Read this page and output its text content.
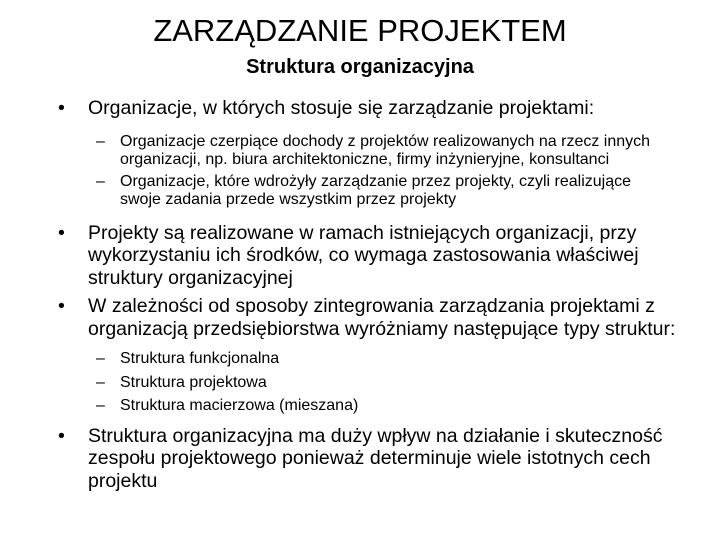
ZARZĄDZANIE PROJEKTEM
Struktura organizacyjna
• Organizacje, w których stosuje się zarządzanie projektami:
– Organizacje czerpiące dochody z projektów realizowanych na rzecz innych organizacji, np. biura architektoniczne, firmy inżynieryjne, konsultanci
– Organizacje, które wdrożyły zarządzanie przez projekty, czyli realizujące swoje zadania przede wszystkim przez projekty
• Projekty są realizowane w ramach istniejących organizacji, przy wykorzystaniu ich środków, co wymaga zastosowania właściwej struktury organizacyjnej
• W zależności od sposoby zintegrowania zarządzania projektami z organizacją przedsiębiorstwa wyróżniamy następujące typy struktur:
– Struktura funkcjonalna
– Struktura projektowa
– Struktura macierzowa (mieszana)
• Struktura organizacyjna ma duży wpływ na działanie i skuteczność zespołu projektowego ponieważ determinuje wiele istotnych cech projektu
